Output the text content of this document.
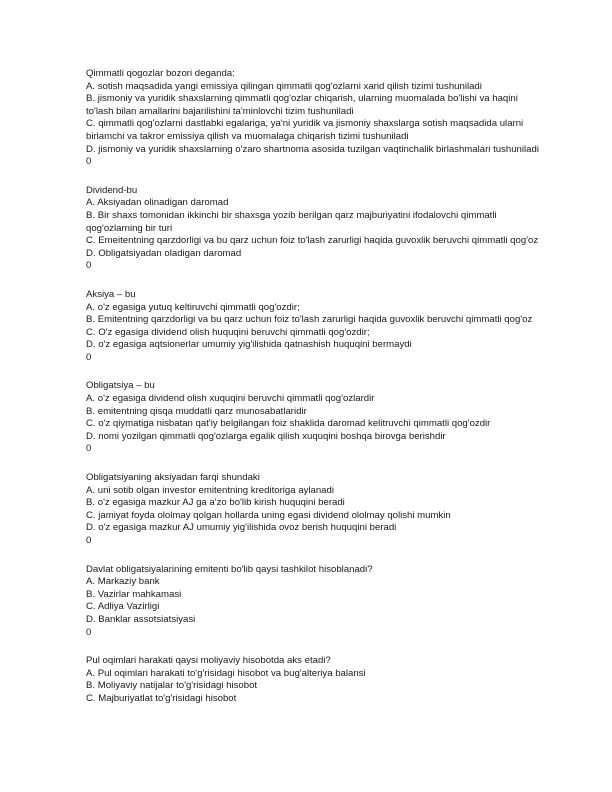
Qimmatli qogozlar bozori deganda:
A. sotish maqsadida yangi emissiya qilingan qimmatli qog'ozlarni xarid qilish tizimi tushuniladi
B. jismoniy va yuridik shaxslarning qimmatli qog'ozlar chiqarish, ularning muomalada bo'lishi va haqini
to'lash bilan amallarini bajarilishini ta'minlovchi tizim tushuniladi
C. qimmatli qog'ozlarni dastlabki egalariga, ya'ni yuridik va jismoniy shaxslarga sotish maqsadida ularni
birlamchi va takror emissiya qilish va muomalaga chiqarish tizimi tushuniladi
D. jismoniy va yuridik shaxslarning o'zaro shartnoma asosida tuzilgan vaqtinchalik birlashmalari tushuniladi
0
Dividend-bu
A. Aksiyadan olinadigan daromad
B. Bir shaxs tomonidan ikkinchi bir shaxsga yozib berilgan qarz majburiyatini ifodalovchi qimmatli
qog'ozlarning bir turi
C. Emeitentning qarzdorligi va bu qarz uchun foiz to'lash zarurligi haqida guvoxlik beruvchi qimmatli qog'oz
D. Obligatsiyadan oladigan daromad
0
Aksiya – bu
A. o'z egasiga yutuq keltiruvchi qimmatli qog'ozdir;
B. Emitentning qarzdorligi va bu qarz uchun foiz to'lash zarurligi haqida guvoxlik beruvchi qimmatli qog'oz
C. O'z egasiga dividend olish huquqini beruvchi qimmatli qog'ozdir;
D. o'z egasiga aqtsionerlar umumiy yig'ilishida qatnashish huquqini bermaydi
0
Obligatsiya – bu
A. o'z egasiga dividend olish xuquqini beruvchi qimmatli qog'ozlardir
B. emitentning qisqa muddatli qarz munosabatlaridir
C. o'z qiymatiga nisbatan qat'iy belgilangan foiz shaklida daromad kelitruvchi qimmatli qog'ozdir
D. nomi yozilgan qimmatli qog'ozlarga egalik qilish xuquqini boshqa birovga berishdir
0
Obligatsiyaning aksiyadan farqi shundaki
A. uni sotib olgan investor emitentning kreditoriga aylanadi
B. o'z egasiga mazkur AJ ga a'zo bo'lib kirish huquqini beradi
C. jamiyat foyda ololmay qolgan hollarda uning egasi dividend ololmay qolishi mumkin
D. o'z egasiga mazkur AJ umumiy yig'ilishida ovoz berish huquqini beradi
0
Davlat obligatsiyalarining emitenti bo'lib qaysi tashkilot hisoblanadi?
A. Markaziy bank
B. Vazirlar mahkamasi
C. Adliya Vazirligi
D. Banklar assotsiatsiyasi
0
Pul oqimlari harakati qaysi moliyaviy hisobotda aks etadi?
A. Pul oqimlari harakati to'g'risidagi hisobot va bug'alteriya balansi
B. Moliyaviy natijalar to'g'risidagi hisobot
C. Majburiyatlat to'g'risidagi hisobot
